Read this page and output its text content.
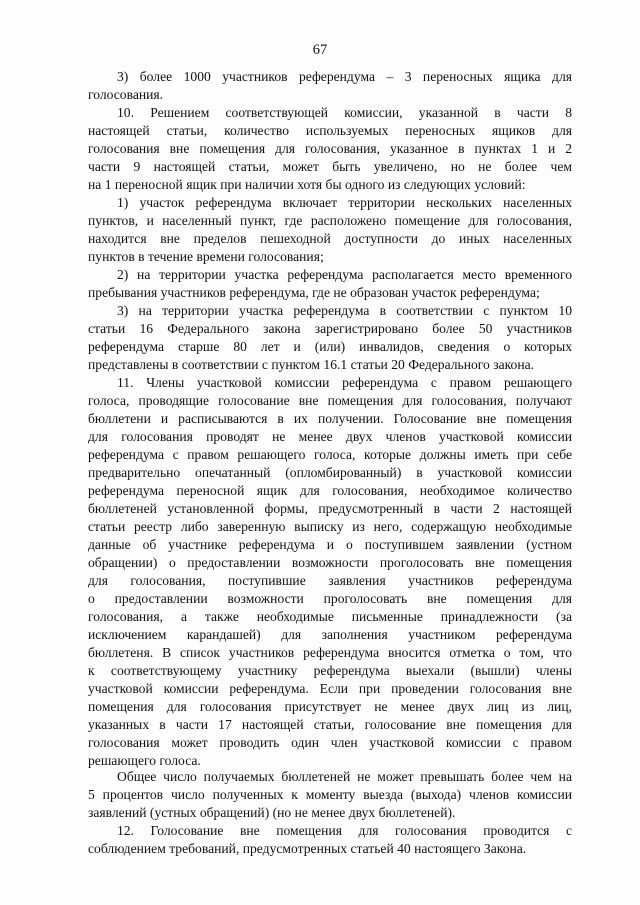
67
3) более 1000 участников референдума – 3 переносных ящика для
голосования.
10. Решением соответствующей комиссии, указанной в части 8
настоящей статьи, количество используемых переносных ящиков для
голосования вне помещения для голосования, указанное в пунктах 1 и 2
части 9 настоящей статьи, может быть увеличено, но не более чем
на 1 переносной ящик при наличии хотя бы одного из следующих условий:
1) участок референдума включает территории нескольких населенных
пунктов, и населенный пункт, где расположено помещение для голосования,
находится вне пределов пешеходной доступности до иных населенных
пунктов в течение времени голосования;
2) на территории участка референдума располагается место временного
пребывания участников референдума, где не образован участок референдума;
3) на территории участка референдума в соответствии с пунктом 10
статьи 16 Федерального закона зарегистрировано более 50 участников
референдума старше 80 лет и (или) инвалидов, сведения о которых
представлены в соответствии с пунктом 16.1 статьи 20 Федерального закона.
11. Члены участковой комиссии референдума с правом решающего
голоса, проводящие голосование вне помещения для голосования, получают
бюллетени и расписываются в их получении. Голосование вне помещения
для голосования проводят не менее двух членов участковой комиссии
референдума с правом решающего голоса, которые должны иметь при себе
предварительно опечатанный (опломбированный) в участковой комиссии
референдума переносной ящик для голосования, необходимое количество
бюллетеней установленной формы, предусмотренный в части 2 настоящей
статьи реестр либо заверенную выписку из него, содержащую необходимые
данные об участнике референдума и о поступившем заявлении (устном
обращении) о предоставлении возможности проголосовать вне помещения
для голосования, поступившие заявления участников референдума
о предоставлении возможности проголосовать вне помещения для
голосования, а также необходимые письменные принадлежности (за
исключением карандашей) для заполнения участником референдума
бюллетеня. В список участников референдума вносится отметка о том, что
к соответствующему участнику референдума выехали (вышли) члены
участковой комиссии референдума. Если при проведении голосования вне
помещения для голосования присутствует не менее двух лиц из лиц,
указанных в части 17 настоящей статьи, голосование вне помещения для
голосования может проводить один член участковой комиссии с правом
решающего голоса.
Общее число получаемых бюллетеней не может превышать более чем на
5 процентов число полученных к моменту выезда (выхода) членов комиссии
заявлений (устных обращений) (но не менее двух бюллетеней).
12. Голосование вне помещения для голосования проводится с
соблюдением требований, предусмотренных статьей 40 настоящего Закона.
